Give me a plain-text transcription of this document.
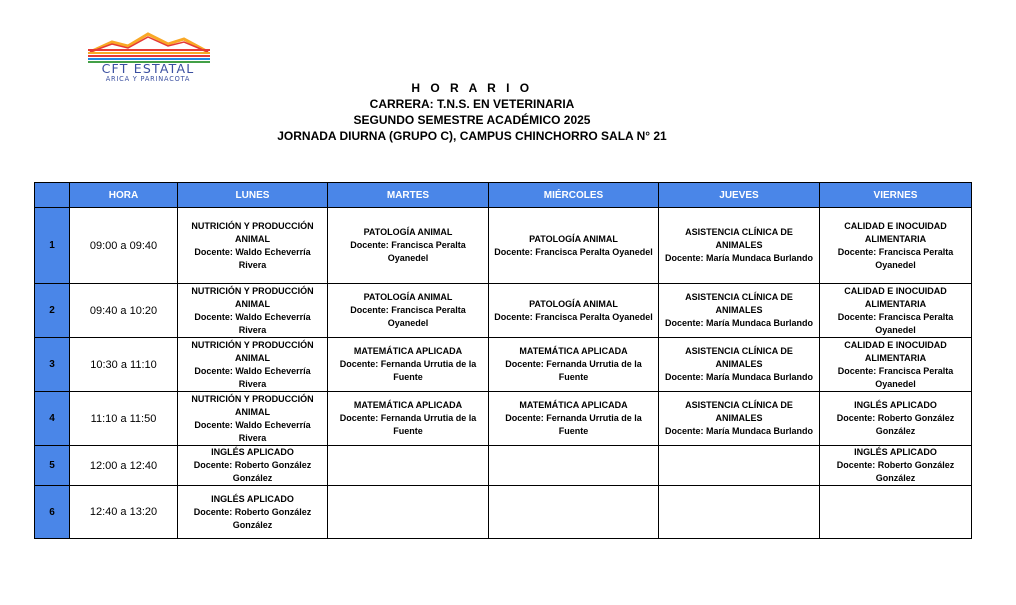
CFT ESTATAL
ARICA Y PARINACOTA
H O R A R I O
CARRERA: T.N.S. EN VETERINARIA
SEGUNDO SEMESTRE ACADÉMICO 2025
JORNADA DIURNA (GRUPO C), CAMPUS CHINCHORRO SALA N° 21
	HORA	LUNES	MARTES	MIÉRCOLES	JUEVES	VIERNES
1	09:00 a 09:40	NUTRICIÓN Y PRODUCCIÓN ANIMAL
Docente: Waldo Echeverría Rivera	PATOLOGÍA ANIMAL
Docente: Francisca Peralta Oyanedel	PATOLOGÍA ANIMAL
Docente: Francisca Peralta Oyanedel	ASISTENCIA CLÍNICA DE ANIMALES
Docente: María Mundaca Burlando	CALIDAD E INOCUIDAD ALIMENTARIA
Docente: Francisca Peralta Oyanedel

2	09:40 a 10:20	NUTRICIÓN Y PRODUCCIÓN ANIMAL
Docente: Waldo Echeverría Rivera	PATOLOGÍA ANIMAL
Docente: Francisca Peralta Oyanedel	PATOLOGÍA ANIMAL
Docente: Francisca Peralta Oyanedel	ASISTENCIA CLÍNICA DE ANIMALES
Docente: María Mundaca Burlando	CALIDAD E INOCUIDAD ALIMENTARIA
Docente: Francisca Peralta Oyanedel

3	10:30 a 11:10	NUTRICIÓN Y PRODUCCIÓN ANIMAL
Docente: Waldo Echeverría Rivera	MATEMÁTICA APLICADA
Docente: Fernanda Urrutia de la Fuente	MATEMÁTICA APLICADA
Docente: Fernanda Urrutia de la Fuente	ASISTENCIA CLÍNICA DE ANIMALES
Docente: María Mundaca Burlando	CALIDAD E INOCUIDAD ALIMENTARIA
Docente: Francisca Peralta Oyanedel

4	11:10 a 11:50	NUTRICIÓN Y PRODUCCIÓN ANIMAL
Docente: Waldo Echeverría Rivera	MATEMÁTICA APLICADA
Docente: Fernanda Urrutia de la Fuente	MATEMÁTICA APLICADA
Docente: Fernanda Urrutia de la Fuente	ASISTENCIA CLÍNICA DE ANIMALES
Docente: María Mundaca Burlando	INGLÉS APLICADO
Docente: Roberto González González

5	12:00 a 12:40	INGLÉS APLICADO
Docente: Roberto González González				INGLÉS APLICADO
Docente: Roberto González González

6	12:40 a 13:20	INGLÉS APLICADO
Docente: Roberto González González				
